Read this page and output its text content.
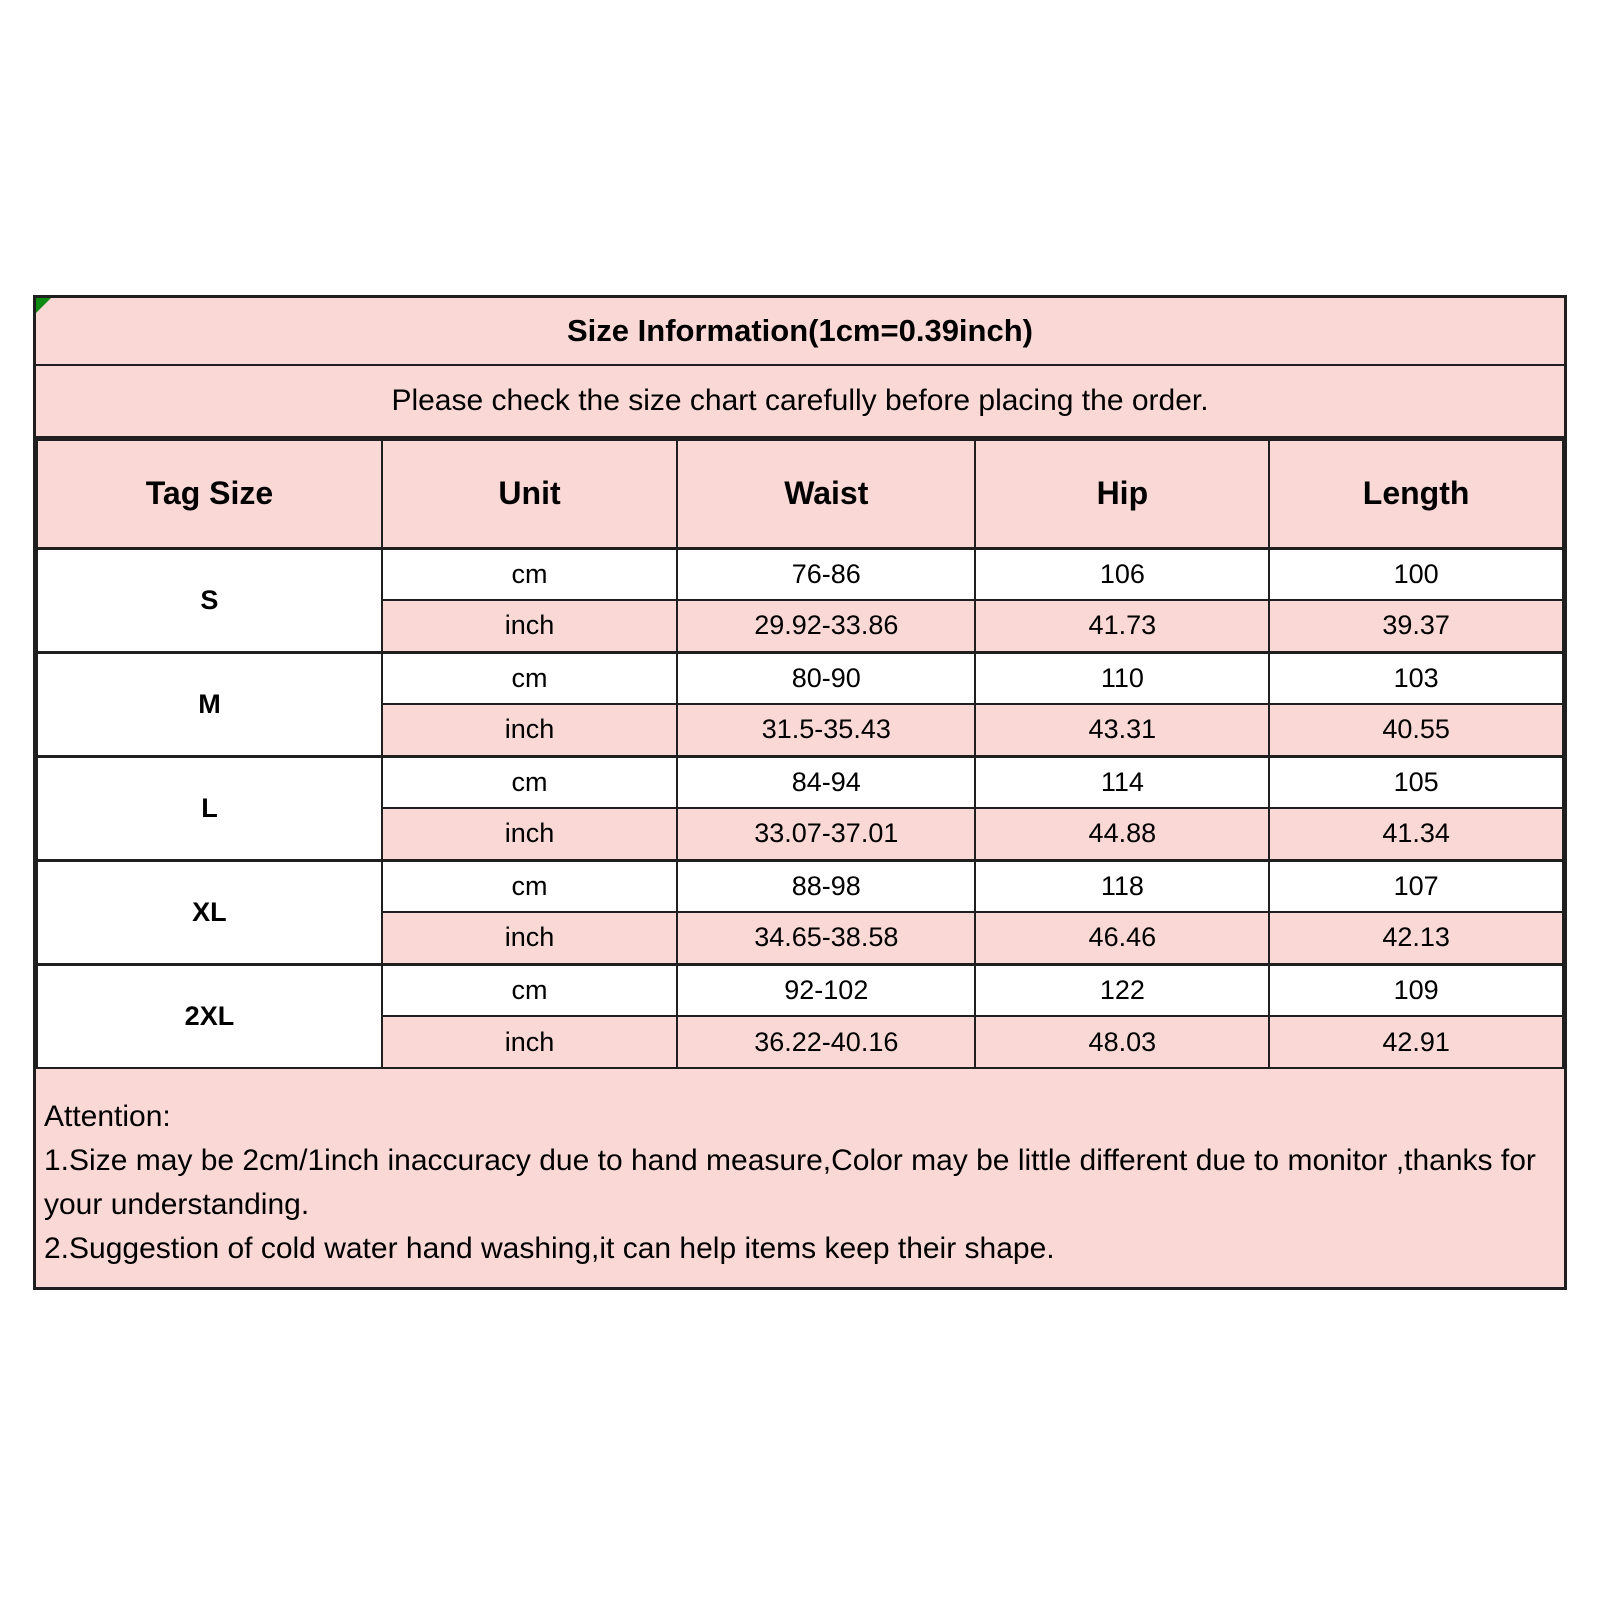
Size Information(1cm=0.39inch)
Please check the size chart carefully before placing the order.
Tag Size	Unit	Waist	Hip	Length
S	cm	76-86	106	100
	inch	29.92-33.86	41.73	39.37
M	cm	80-90	110	103
	inch	31.5-35.43	43.31	40.55
L	cm	84-94	114	105
	inch	33.07-37.01	44.88	41.34
XL	cm	88-98	118	107
	inch	34.65-38.58	46.46	42.13
2XL	cm	92-102	122	109
	inch	36.22-40.16	48.03	42.91
Attention:
1.Size may be 2cm/1inch inaccuracy due to hand measure,Color may be little different due to monitor ,thanks for your understanding.
2.Suggestion of cold water hand washing,it can help items keep their shape.
